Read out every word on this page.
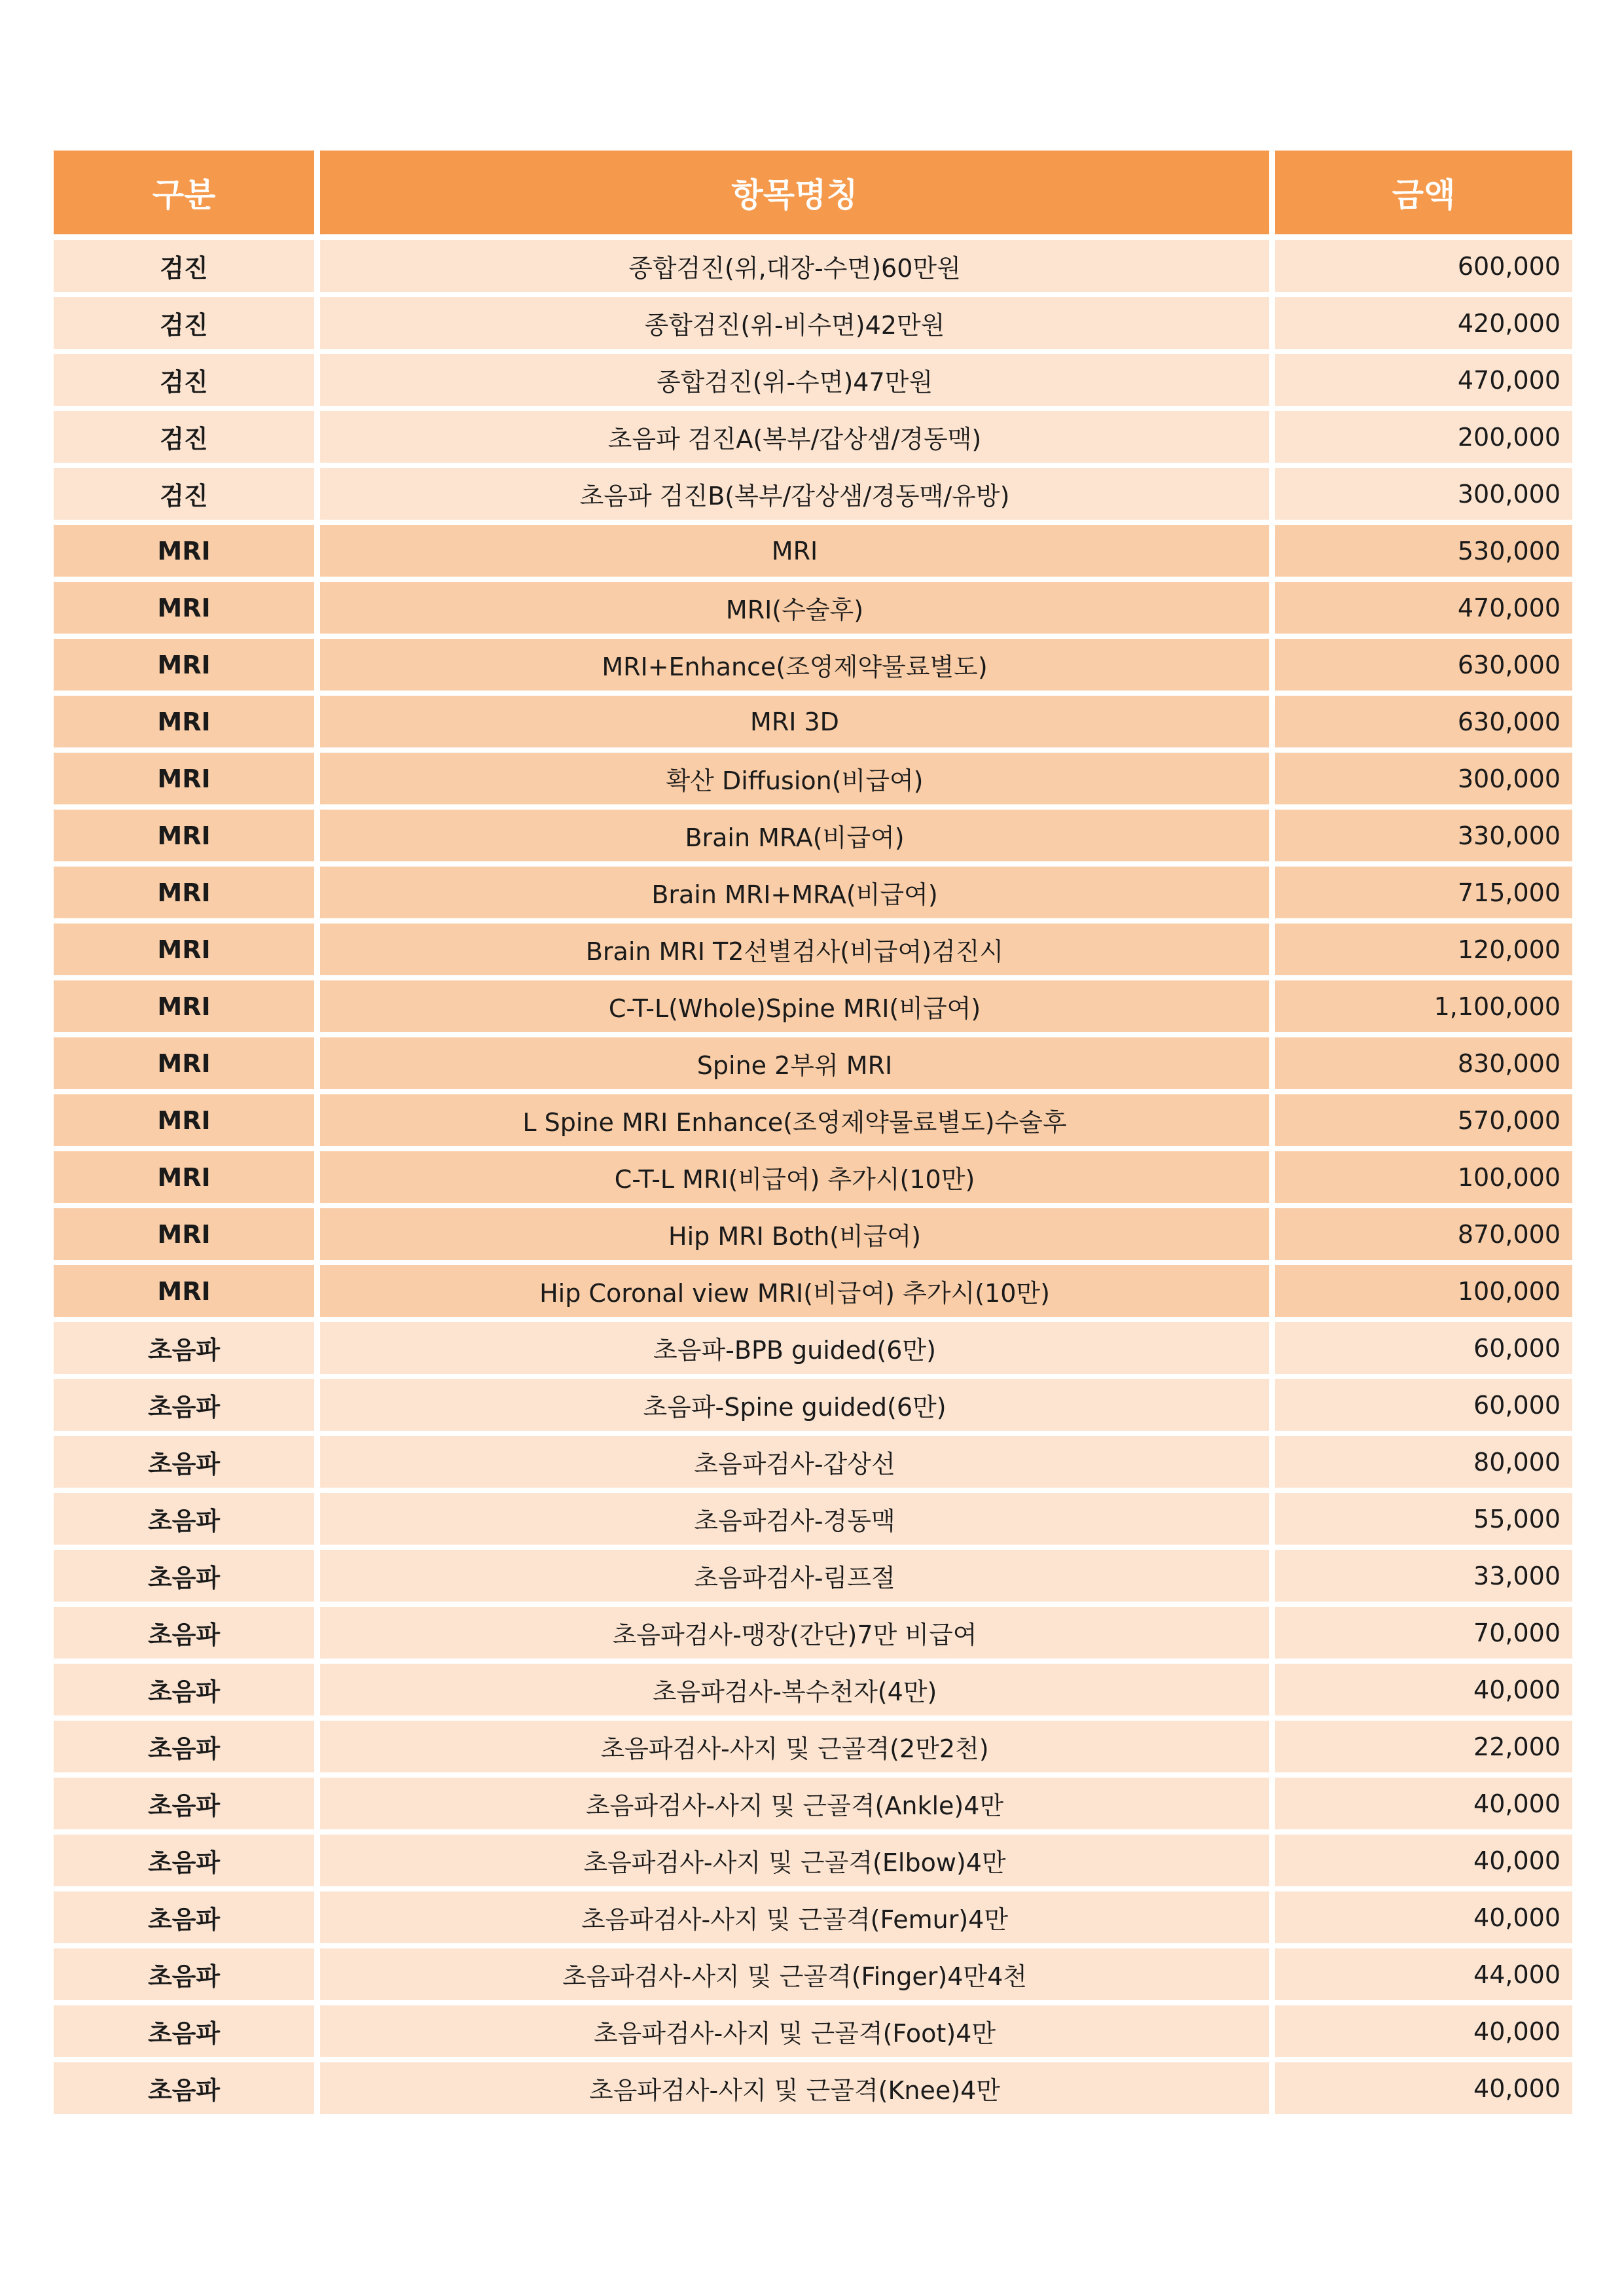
구분	항목명칭	금액
검진	종합검진(위,대장-수면)60만원	600,000
검진	종합검진(위-비수면)42만원	420,000
검진	종합검진(위-수면)47만원	470,000
검진	초음파 검진A(복부/갑상샘/경동맥)	200,000
검진	초음파 검진B(복부/갑상샘/경동맥/유방)	300,000
MRI	MRI	530,000
MRI	MRI(수술후)	470,000
MRI	MRI+Enhance(조영제약물료별도)	630,000
MRI	MRI 3D	630,000
MRI	확산 Diffusion(비급여)	300,000
MRI	Brain MRA(비급여)	330,000
MRI	Brain MRI+MRA(비급여)	715,000
MRI	Brain MRI T2선별검사(비급여)검진시	120,000
MRI	C-T-L(Whole)Spine MRI(비급여)	1,100,000
MRI	Spine 2부위 MRI	830,000
MRI	L Spine MRI Enhance(조영제약물료별도)수술후	570,000
MRI	C-T-L MRI(비급여) 추가시(10만)	100,000
MRI	Hip MRI Both(비급여)	870,000
MRI	Hip Coronal view MRI(비급여) 추가시(10만)	100,000
초음파	초음파-BPB guided(6만)	60,000
초음파	초음파-Spine guided(6만)	60,000
초음파	초음파검사-갑상선	80,000
초음파	초음파검사-경동맥	55,000
초음파	초음파검사-림프절	33,000
초음파	초음파검사-맹장(간단)7만 비급여	70,000
초음파	초음파검사-복수천자(4만)	40,000
초음파	초음파검사-사지 및 근골격(2만2천)	22,000
초음파	초음파검사-사지 및 근골격(Ankle)4만	40,000
초음파	초음파검사-사지 및 근골격(Elbow)4만	40,000
초음파	초음파검사-사지 및 근골격(Femur)4만	40,000
초음파	초음파검사-사지 및 근골격(Finger)4만4천	44,000
초음파	초음파검사-사지 및 근골격(Foot)4만	40,000
초음파	초음파검사-사지 및 근골격(Knee)4만	40,000
